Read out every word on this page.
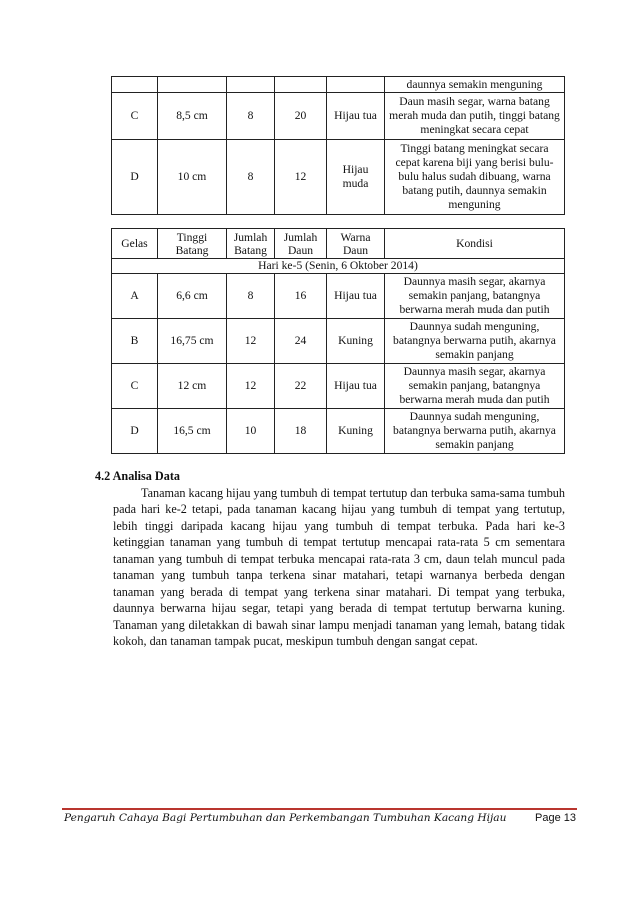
					daunnya semakin menguning
C	8,5 cm	8	20	Hijau tua	Daun masih segar, warna batang merah muda dan putih, tinggi batang meningkat secara cepat
D	10 cm	8	12	Hijau muda	Tinggi batang meningkat secara cepat karena biji yang berisi bulu-bulu halus sudah dibuang, warna batang putih, daunnya semakin menguning
Gelas	Tinggi Batang	Jumlah Batang	Jumlah Daun	Warna Daun	Kondisi
Hari ke-5 (Senin, 6 Oktober 2014)					
A	6,6 cm	8	16	Hijau tua	Daunnya masih segar, akarnya semakin panjang, batangnya berwarna merah muda dan putih
B	16,75 cm	12	24	Kuning	Daunnya sudah menguning, batangnya berwarna putih, akarnya semakin panjang
C	12 cm	12	22	Hijau tua	Daunnya masih segar, akarnya semakin panjang, batangnya berwarna merah muda dan putih
D	16,5 cm	10	18	Kuning	Daunnya sudah menguning, batangnya berwarna putih, akarnya semakin panjang

4.2 Analisa Data

Tanaman kacang hijau yang tumbuh di tempat tertutup dan terbuka sama-sama tumbuh pada hari ke-2 tetapi, pada tanaman kacang hijau yang tumbuh di tempat yang tertutup, lebih tinggi daripada kacang hijau yang tumbuh di tempat terbuka. Pada hari ke-3 ketinggian tanaman yang tumbuh di tempat tertutup mencapai rata-rata 5 cm sementara tanaman yang tumbuh di tempat terbuka mencapai rata-rata 3 cm, daun telah muncul pada tanaman yang tumbuh tanpa terkena sinar matahari, tetapi warnanya berbeda dengan tanaman yang berada di tempat yang terkena sinar matahari. Di tempat yang terbuka, daunnya berwarna hijau segar, tetapi yang berada di tempat tertutup berwarna kuning. Tanaman yang diletakkan di bawah sinar lampu menjadi tanaman yang lemah, batang tidak kokoh, dan tanaman tampak pucat, meskipun tumbuh dengan sangat cepat.

Pengaruh Cahaya Bagi Pertumbuhan dan Perkembangan Tumbuhan Kacang Hijau	Page 13
